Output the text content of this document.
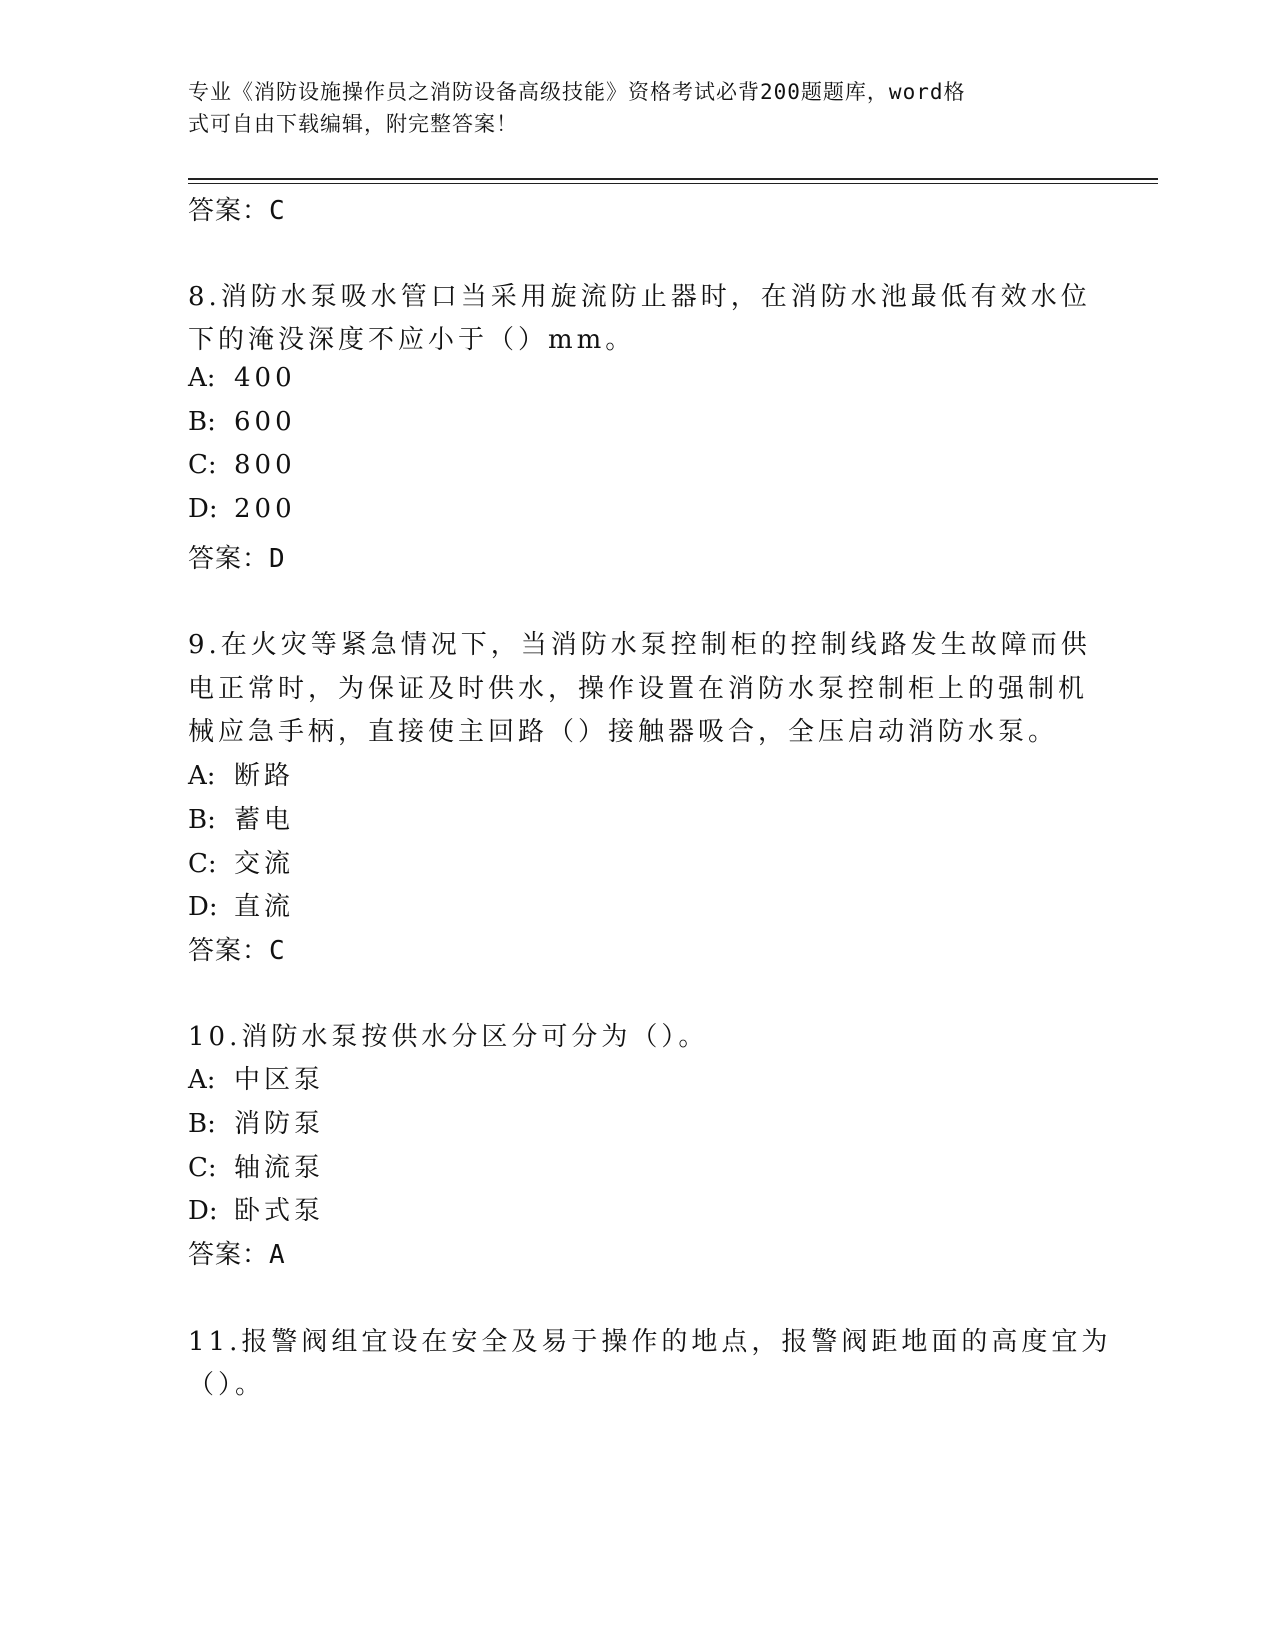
专业《消防设施操作员之消防设备高级技能》资格考试必背200题题库，word格
式可自由下载编辑，附完整答案！
答案：C
8.消防水泵吸水管口当采用旋流防止器时，在消防水池最低有效水位
下的淹没深度不应小于（）mm。
A: 400
B: 600
C: 800
D: 200
答案：D
9.在火灾等紧急情况下，当消防水泵控制柜的控制线路发生故障而供
电正常时，为保证及时供水，操作设置在消防水泵控制柜上的强制机
械应急手柄，直接使主回路（）接触器吸合，全压启动消防水泵。
A: 断路
B: 蓄电
C: 交流
D: 直流
答案：C
10.消防水泵按供水分区分可分为（）。
A: 中区泵
B: 消防泵
C: 轴流泵
D: 卧式泵
答案：A
11.报警阀组宜设在安全及易于操作的地点，报警阀距地面的高度宜为
（）。
